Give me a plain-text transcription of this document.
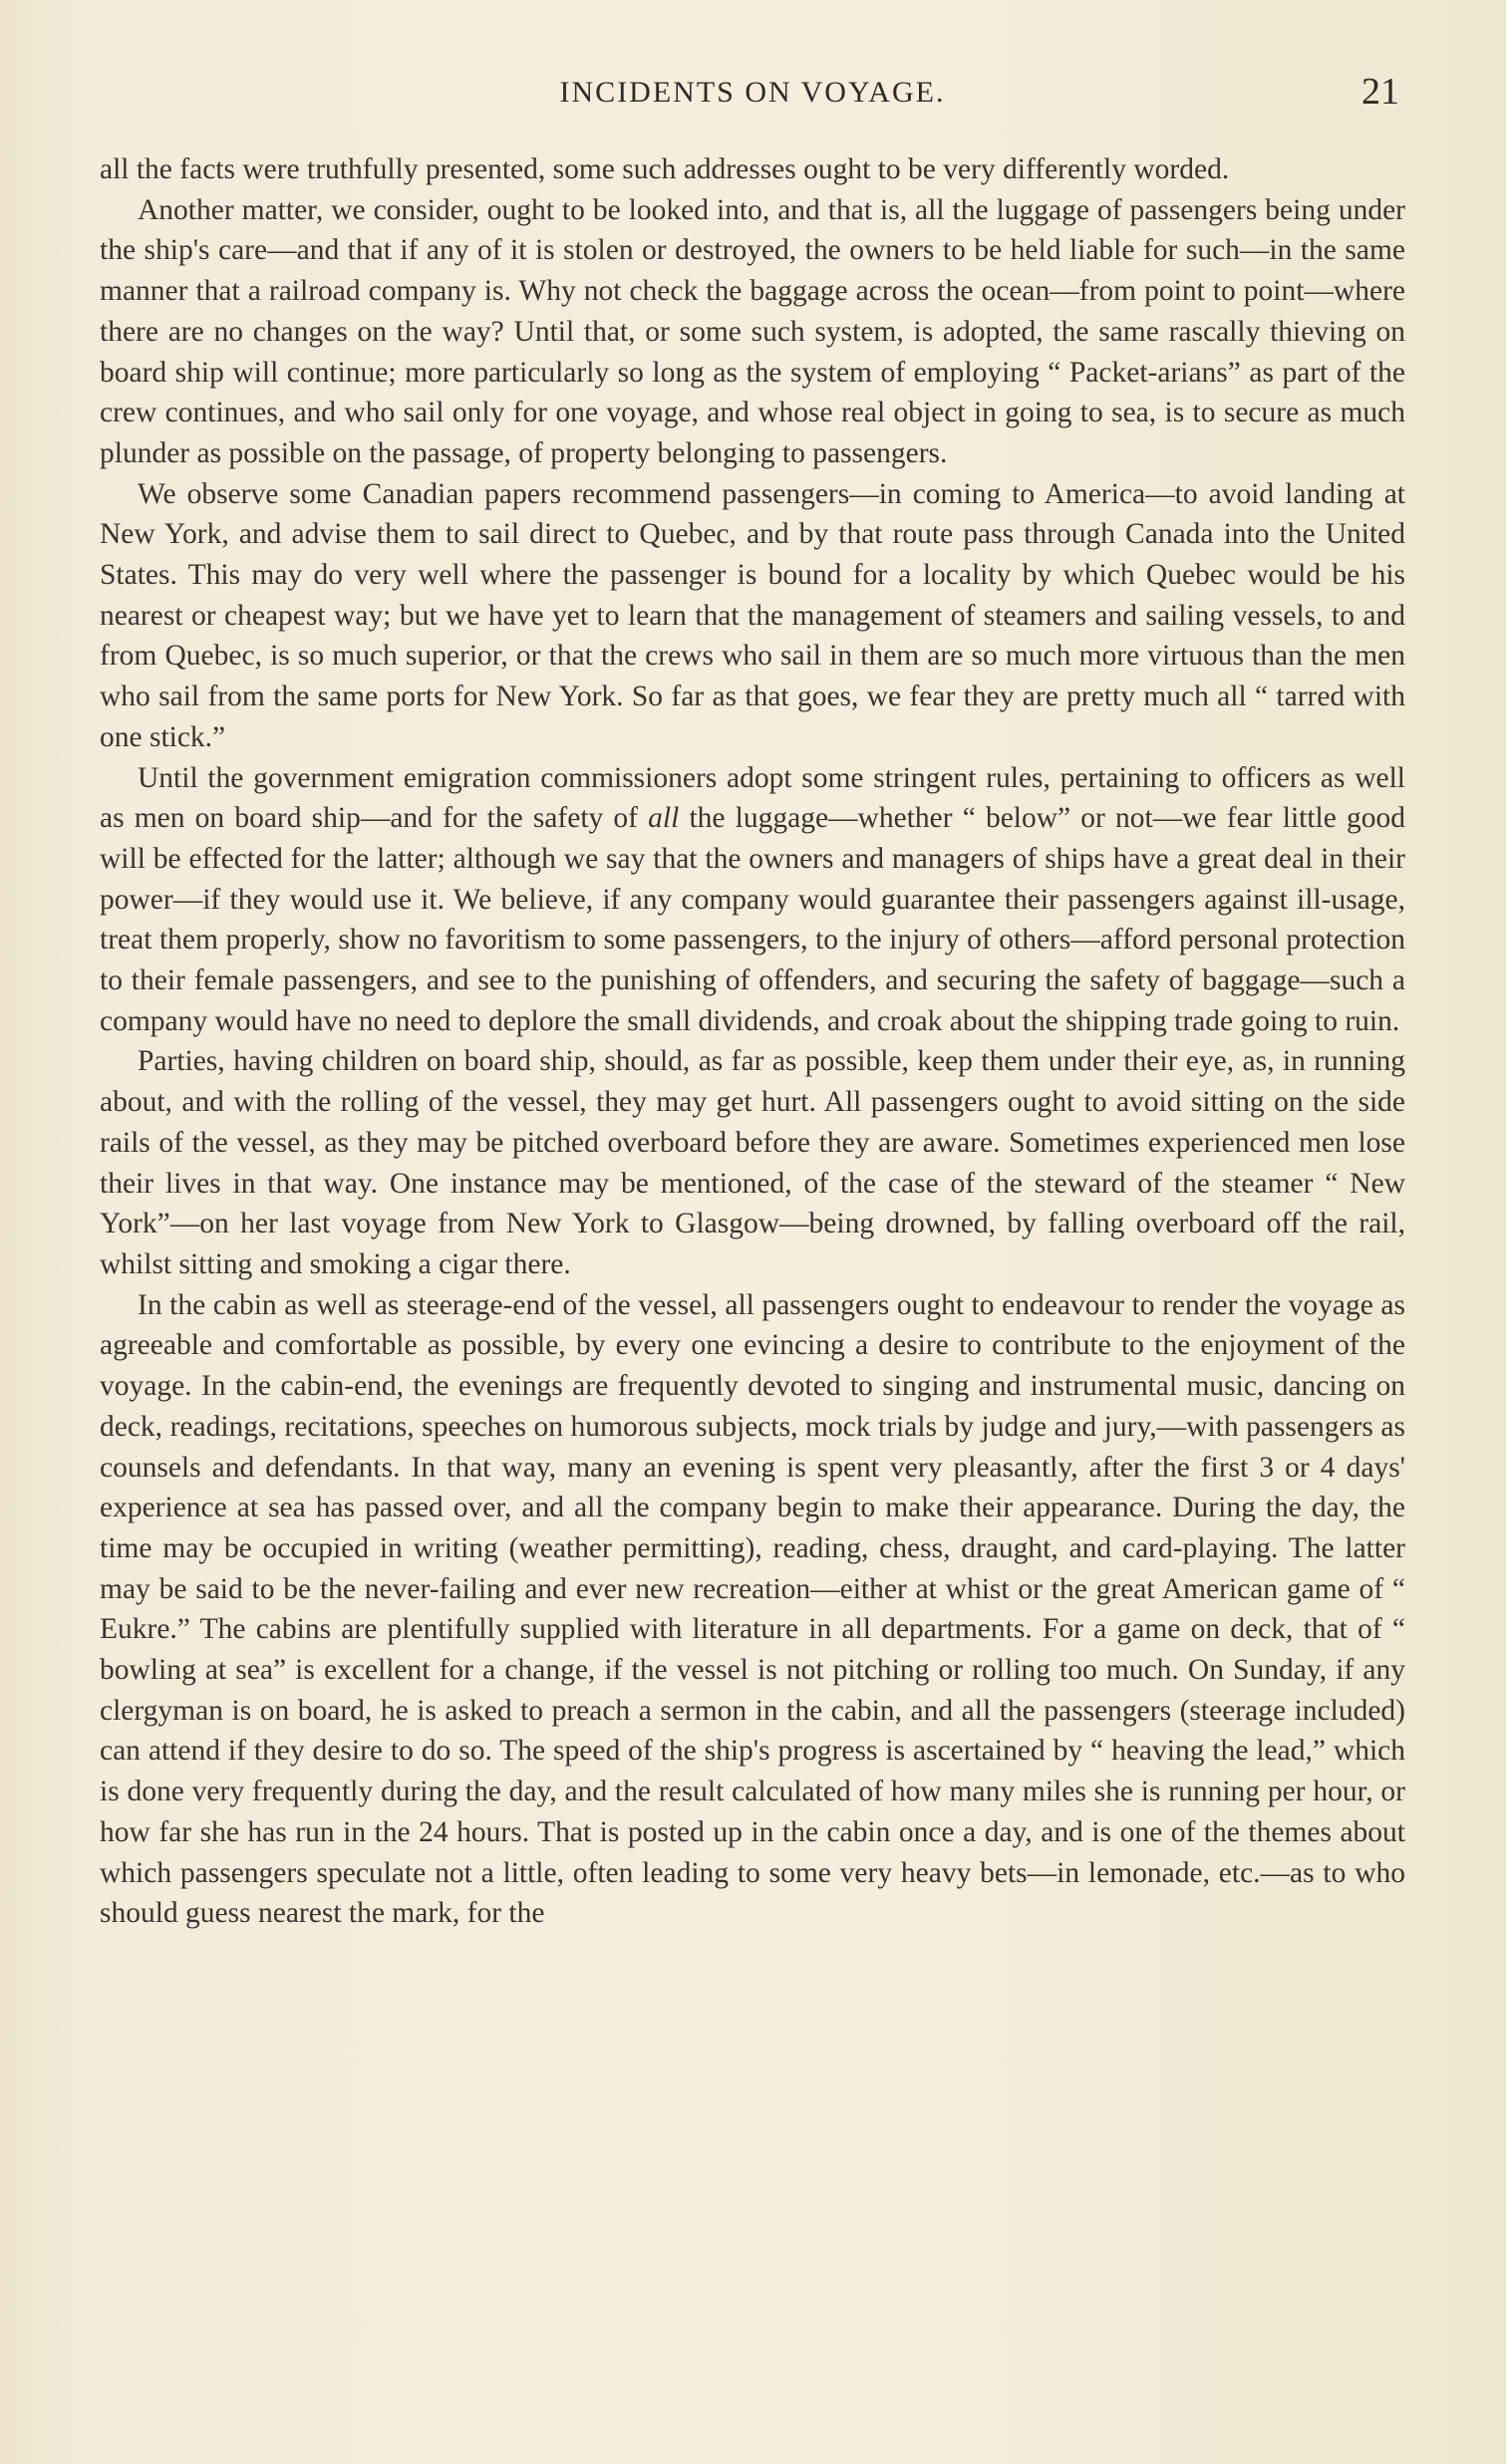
INCIDENTS ON VOYAGE.	21

all the facts were truthfully presented, some such addresses ought to be very differently worded.

Another matter, we consider, ought to be looked into, and that is, all the luggage of passengers being under the ship's care—and that if any of it is stolen or destroyed, the owners to be held liable for such—in the same manner that a railroad company is. Why not check the baggage across the ocean—from point to point—where there are no changes on the way? Until that, or some such system, is adopted, the same rascally thieving on board ship will continue; more particularly so long as the system of employing “ Packet-arians” as part of the crew continues, and who sail only for one voyage, and whose real object in going to sea, is to secure as much plunder as possible on the passage, of property belonging to passengers.

We observe some Canadian papers recommend passengers—in coming to America—to avoid landing at New York, and advise them to sail direct to Quebec, and by that route pass through Canada into the United States. This may do very well where the passenger is bound for a locality by which Quebec would be his nearest or cheapest way; but we have yet to learn that the management of steamers and sailing vessels, to and from Quebec, is so much superior, or that the crews who sail in them are so much more virtuous than the men who sail from the same ports for New York. So far as that goes, we fear they are pretty much all “ tarred with one stick.”

Until the government emigration commissioners adopt some stringent rules, pertaining to officers as well as men on board ship—and for the safety of all the luggage—whether “ below” or not—we fear little good will be effected for the latter; although we say that the owners and managers of ships have a great deal in their power—if they would use it. We believe, if any company would guarantee their passengers against ill-usage, treat them properly, show no favoritism to some passengers, to the injury of others—afford personal protection to their female passengers, and see to the punishing of offenders, and securing the safety of baggage—such a company would have no need to deplore the small dividends, and croak about the shipping trade going to ruin.

Parties, having children on board ship, should, as far as possible, keep them under their eye, as, in running about, and with the rolling of the vessel, they may get hurt. All passengers ought to avoid sitting on the side rails of the vessel, as they may be pitched overboard before they are aware. Sometimes experienced men lose their lives in that way. One instance may be mentioned, of the case of the steward of the steamer “ New York”—on her last voyage from New York to Glasgow—being drowned, by falling overboard off the rail, whilst sitting and smoking a cigar there.

In the cabin as well as steerage-end of the vessel, all passengers ought to endeavour to render the voyage as agreeable and comfortable as possible, by every one evincing a desire to contribute to the enjoyment of the voyage. In the cabin-end, the evenings are frequently devoted to singing and instrumental music, dancing on deck, readings, recitations, speeches on humorous subjects, mock trials by judge and jury,—with passengers as counsels and defendants. In that way, many an evening is spent very pleasantly, after the first 3 or 4 days' experience at sea has passed over, and all the company begin to make their appearance. During the day, the time may be occupied in writing (weather permitting), reading, chess, draught, and card-playing. The latter may be said to be the never-failing and ever new recreation—either at whist or the great American game of “ Eukre.” The cabins are plentifully supplied with literature in all departments. For a game on deck, that of “ bowling at sea” is excellent for a change, if the vessel is not pitching or rolling too much. On Sunday, if any clergyman is on board, he is asked to preach a sermon in the cabin, and all the passengers (steerage included) can attend if they desire to do so. The speed of the ship's progress is ascertained by “ heaving the lead,” which is done very frequently during the day, and the result calculated of how many miles she is running per hour, or how far she has run in the 24 hours. That is posted up in the cabin once a day, and is one of the themes about which passengers speculate not a little, often leading to some very heavy bets—in lemonade, etc.—as to who should guess nearest the mark, for the
